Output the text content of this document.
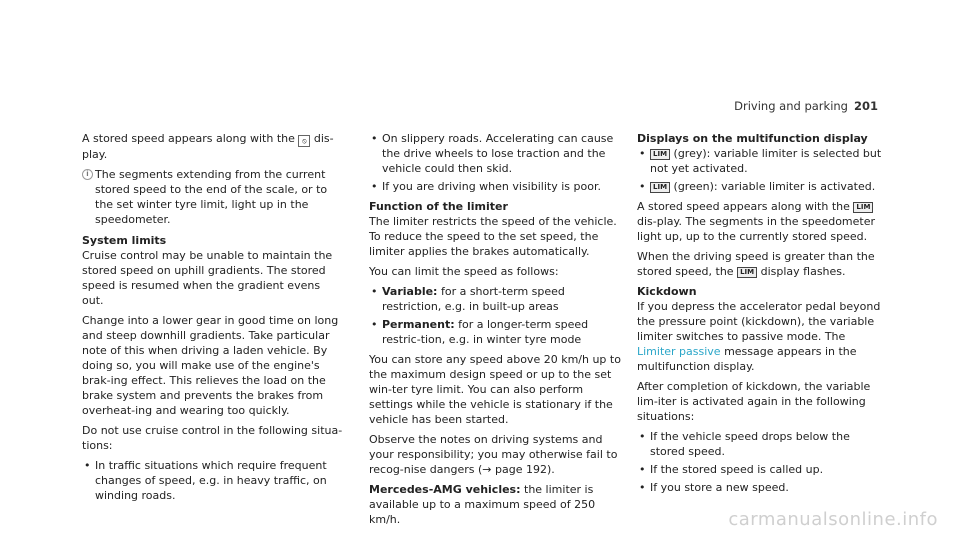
Driving and parking 201

A stored speed appears along with the ⦸ dis-play.

i The segments extending from the current stored speed to the end of the scale, or to the set winter tyre limit, light up in the speedometer.

System limits

Cruise control may be unable to maintain the stored speed on uphill gradients. The stored speed is resumed when the gradient evens out.

Change into a lower gear in good time on long and steep downhill gradients. Take particular note of this when driving a laden vehicle. By doing so, you will make use of the engine's brak-ing effect. This relieves the load on the brake system and prevents the brakes from overheat-ing and wearing too quickly.

Do not use cruise control in the following situa-tions:

• In traffic situations which require frequent changes of speed, e.g. in heavy traffic, on winding roads.
• On slippery roads. Accelerating can cause the drive wheels to lose traction and the vehicle could then skid.
• If you are driving when visibility is poor.

Function of the limiter

The limiter restricts the speed of the vehicle. To reduce the speed to the set speed, the limiter applies the brakes automatically.

You can limit the speed as follows:

• Variable: for a short-term speed restriction, e.g. in built-up areas
• Permanent: for a longer-term speed restric-tion, e.g. in winter tyre mode

You can store any speed above 20 km/h up to the maximum design speed or up to the set win-ter tyre limit. You can also perform settings while the vehicle is stationary if the vehicle has been started.

Observe the notes on driving systems and your responsibility; you may otherwise fail to recog-nise dangers (→ page 192).

Mercedes-AMG vehicles: the limiter is available up to a maximum speed of 250 km/h.

Displays on the multifunction display

• LIM (grey): variable limiter is selected but not yet activated.
• LIM (green): variable limiter is activated.

A stored speed appears along with the LIM dis-play. The segments in the speedometer light up, up to the currently stored speed.

When the driving speed is greater than the stored speed, the LIM display flashes.

Kickdown

If you depress the accelerator pedal beyond the pressure point (kickdown), the variable limiter switches to passive mode. The Limiter passive message appears in the multifunction display.

After completion of kickdown, the variable lim-iter is activated again in the following situations:

• If the vehicle speed drops below the stored speed.
• If the stored speed is called up.
• If you store a new speed.
carmanualsonline.info
